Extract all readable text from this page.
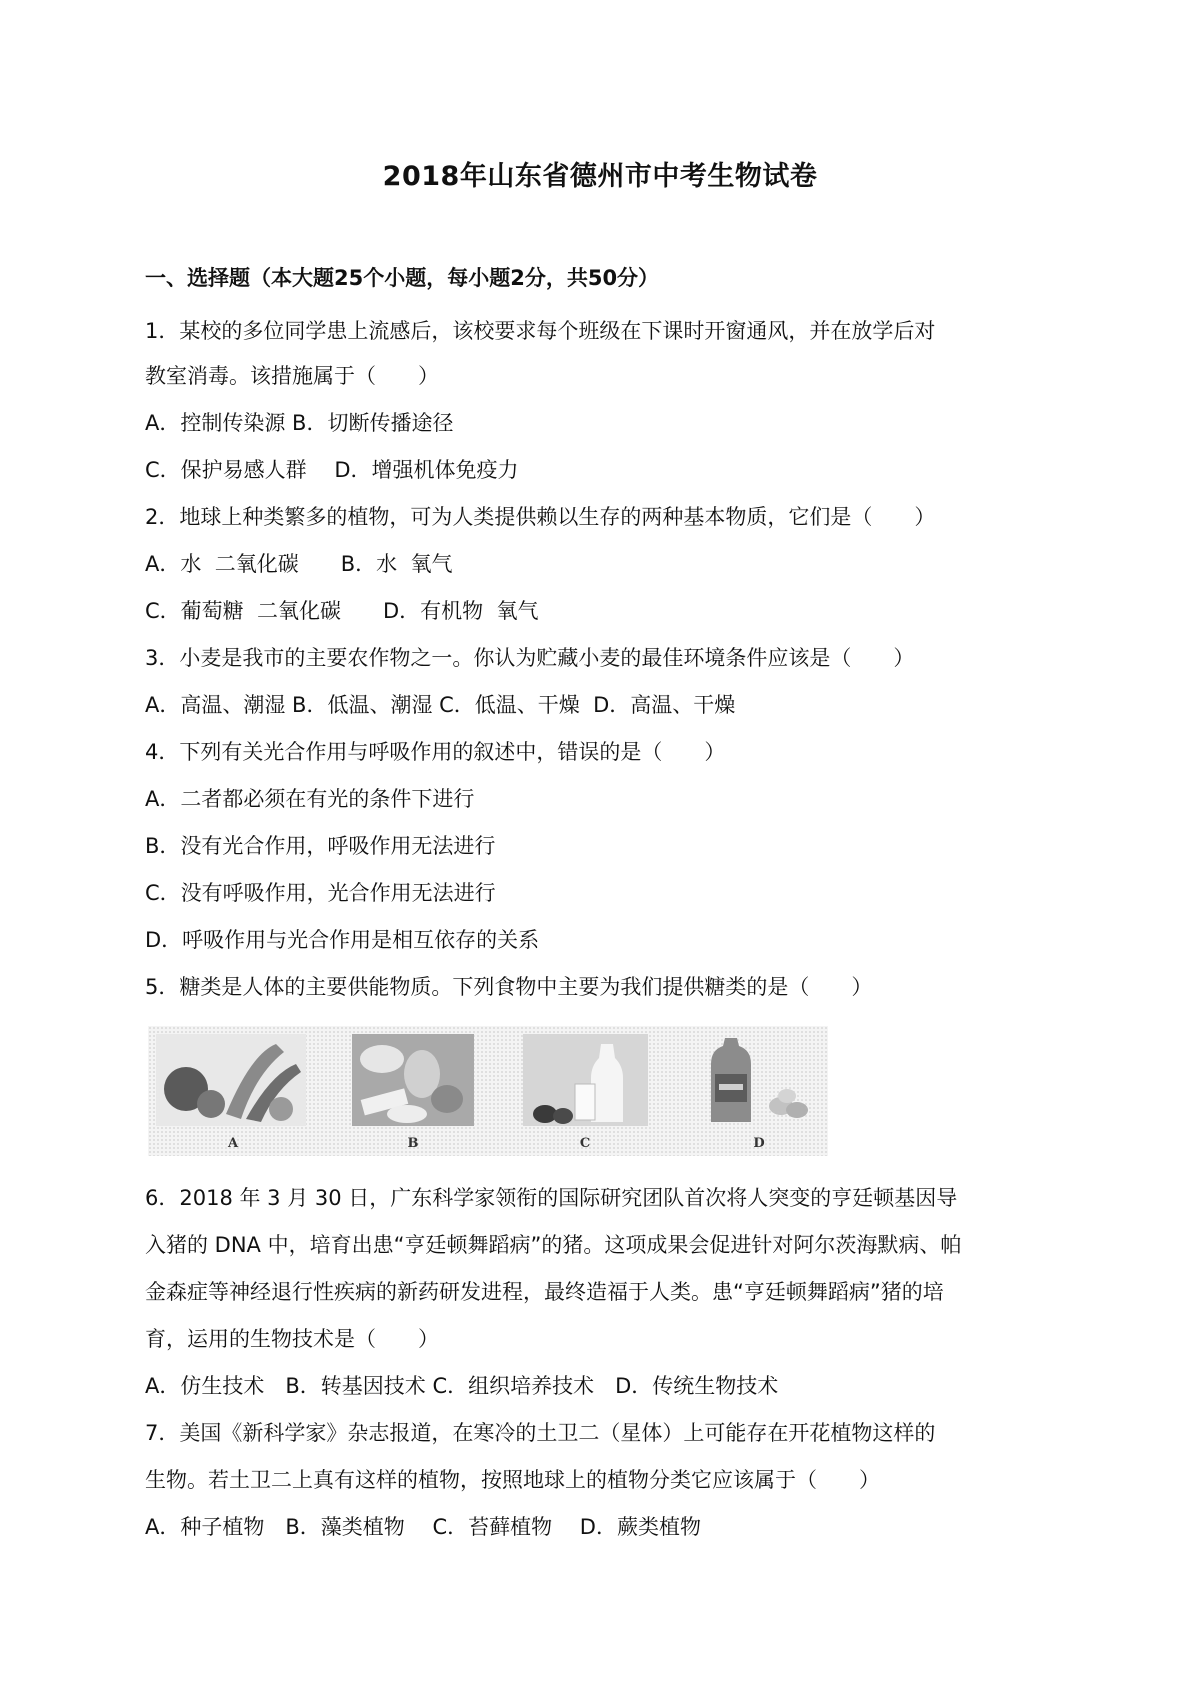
2018年山东省德州市中考生物试卷
一、选择题（本大题25个小题，每小题2分，共50分）
1．某校的多位同学患上流感后，该校要求每个班级在下课时开窗通风，并在放学后对
教室消毒。该措施属于（　　）
A．控制传染源 B．切断传播途径
C．保护易感人群　 D．增强机体免疫力
2．地球上种类繁多的植物，可为人类提供赖以生存的两种基本物质，它们是（　　）
A．水  二氧化碳　　B．水  氧气
C．葡萄糖  二氧化碳　　D．有机物  氧气
3．小麦是我市的主要农作物之一。你认为贮藏小麦的最佳环境条件应该是（　　）
A．高温、潮湿 B．低温、潮湿 C．低温、干燥  D．高温、干燥
4．下列有关光合作用与呼吸作用的叙述中，错误的是（　　）
A．二者都必须在有光的条件下进行
B．没有光合作用，呼吸作用无法进行
C．没有呼吸作用，光合作用无法进行
D．呼吸作用与光合作用是相互依存的关系
5．糖类是人体的主要供能物质。下列食物中主要为我们提供糖类的是（　　）
A	B	C	D
6．2018 年 3 月 30 日，广东科学家领衔的国际研究团队首次将人突变的亨廷顿基因导
入猪的 DNA 中，培育出患“亨廷顿舞蹈病”的猪。这项成果会促进针对阿尔茨海默病、帕
金森症等神经退行性疾病的新药研发进程，最终造福于人类。患“亨廷顿舞蹈病”猪的培
育，运用的生物技术是（　　）
A．仿生技术　B．转基因技术 C．组织培养技术　D．传统生物技术
7．美国《新科学家》杂志报道，在寒冷的土卫二（星体）上可能存在开花植物这样的
生物。若土卫二上真有这样的植物，按照地球上的植物分类它应该属于（　　）
A．种子植物　B．藻类植物　 C．苔藓植物　 D．蕨类植物
